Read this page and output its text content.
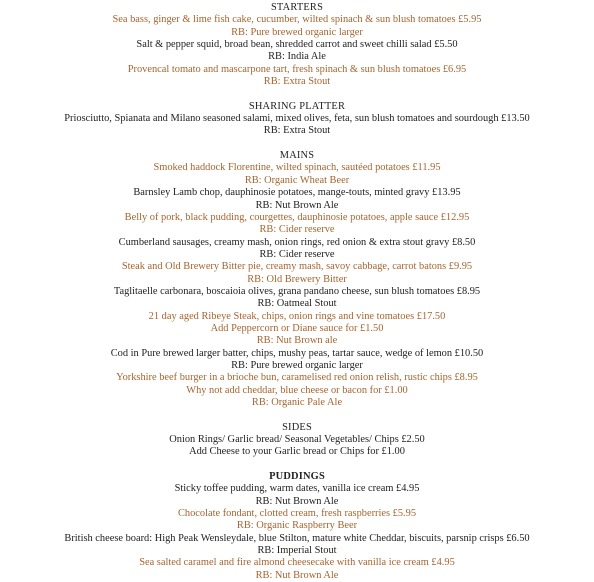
STARTERS
Sea bass, ginger & lime fish cake, cucumber, wilted spinach & sun blush tomatoes £5.95
RB: Pure brewed organic larger
Salt & pepper squid, broad bean, shredded carrot and sweet chilli salad £5.50
RB: India Ale
Provencal tomato and mascarpone tart, fresh spinach & sun blush tomatoes £6.95
RB: Extra Stout
SHARING PLATTER
Priosciutto, Spianata and Milano seasoned salami, mixed olives, feta, sun blush tomatoes and sourdough £13.50
RB: Extra Stout
MAINS
Smoked haddock Florentine, wilted spinach, sautéed potatoes £11.95
RB: Organic Wheat Beer
Barnsley Lamb chop, dauphinosie potatoes, mange-touts, minted gravy £13.95
RB: Nut Brown Ale
Belly of pork, black pudding, courgettes, dauphinosie potatoes, apple sauce £12.95
RB: Cider reserve
Cumberland sausages, creamy mash, onion rings, red onion & extra stout gravy £8.50
RB: Cider reserve
Steak and Old Brewery Bitter pie, creamy mash, savoy cabbage, carrot batons £9.95
RB: Old Brewery Bitter
Taglitaelle carbonara, boscaioia olives, grana pandano cheese, sun blush tomatoes £8.95
RB: Oatmeal Stout
21 day aged Ribeye Steak, chips, onion rings and vine tomatoes £17.50
Add Peppercorn or Diane sauce for £1.50
RB: Nut Brown ale
Cod in Pure brewed larger batter, chips, mushy peas, tartar sauce, wedge of lemon £10.50
RB: Pure brewed organic larger
Yorkshire beef burger in a brioche bun, caramelised red onion relish, rustic chips £8.95
Why not add cheddar, blue cheese or bacon for £1.00
RB: Organic Pale Ale
SIDES
Onion Rings/ Garlic bread/ Seasonal Vegetables/ Chips £2.50
Add Cheese to your Garlic bread or Chips for £1.00
PUDDINGS
Sticky toffee pudding, warm dates, vanilla ice cream £4.95
RB: Nut Brown Ale
Chocolate fondant, clotted cream, fresh raspberries £5.95
RB: Organic Raspberry Beer
British cheese board: High Peak Wensleydale, blue Stilton, mature white Cheddar, biscuits, parsnip crisps £6.50
RB: Imperial Stout
Sea salted caramel and fire almond cheesecake with vanilla ice cream £4.95
RB: Nut Brown Ale
